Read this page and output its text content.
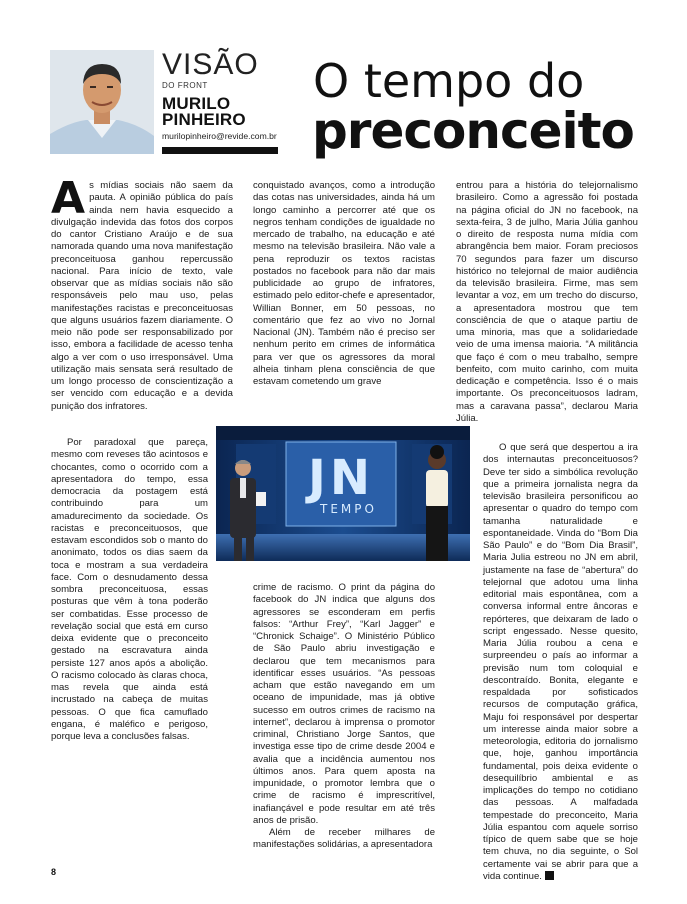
VISÃO
DO FRONT
MURILO
PINHEIRO
murilopinheiro@revide.com.br
O tempo do
preconceito

As mídias sociais não saem da pauta. A opinião pública do país ainda nem havia esquecido a divulgação indevida das fotos dos corpos do cantor Cristiano Araújo e de sua namorada quando uma nova manifestação preconceituosa ganhou repercussão nacional. Para início de texto, vale observar que as mídias sociais não são responsáveis pelo mau uso, pelas manifestações racistas e preconceituosas que alguns usuários fazem diariamente. O meio não pode ser responsabilizado por isso, embora a facilidade de acesso tenha algo a ver com o uso irresponsável. Uma utilização mais sensata será resultado de um longo processo de conscientização a ser vencido com educação e a devida punição dos infratores.

Por paradoxal que pareça, mesmo com reveses tão acintosos e chocantes, como o ocorrido com a apresentadora do tempo, essa democracia da postagem está contribuindo para um amadurecimento da sociedade. Os racistas e preconceituosos, que estavam escondidos sob o manto do anonimato, todos os dias saem da toca e mostram a sua verdadeira face. Com o desnudamento dessa sombra preconceituosa, essas posturas que vêm à tona poderão ser combatidas. Esse processo de revelação social que está em curso deixa evidente que o preconceito gestado na escravatura ainda persiste 127 anos após a abolição. O racismo colocado às claras choca, mas revela que ainda está incrustado na cabeça de muitas pessoas. O que fica camuflado engana, é maléfico e perigoso, porque leva a conclusões falsas.

conquistado avanços, como a introdução das cotas nas universidades, ainda há um longo caminho a percorrer até que os negros tenham condições de igualdade no mercado de trabalho, na educação e até mesmo na televisão brasileira. Não vale a pena reproduzir os textos racistas postados no facebook para não dar mais publicidade ao grupo de infratores, estimado pelo editor-chefe e apresentador, Willian Bonner, em 50 pessoas, no comentário que fez ao vivo no Jornal Nacional (JN). Também não é preciso ser nenhum perito em crimes de informática para ver que os agressores da moral alheia tinham plena consciência de que estavam cometendo um grave

JN
TEMPO

crime de racismo. O print da página do facebook do JN indica que alguns dos agressores se esconderam em perfis falsos: “Arthur Frey”, “Karl Jagger” e “Chronick Schaige”. O Ministério Público de São Paulo abriu investigação e declarou que tem mecanismos para identificar esses usuários. “As pessoas acham que estão navegando em um oceano de impunidade, mas já obtive sucesso em outros crimes de racismo na internet”, declarou à imprensa o promotor criminal, Christiano Jorge Santos, que investiga esse tipo de crime desde 2004 e avalia que a incidência aumentou nos últimos anos. Para quem aposta na impunidade, o promotor lembra que o crime de racismo é imprescritível, inafiançável e pode resultar em até três anos de prisão.

Além de receber milhares de manifestações solidárias, a apresentadora

entrou para a história do telejornalismo brasileiro. Como a agressão foi postada na página oficial do JN no facebook, na sexta-feira, 3 de julho, Maria Júlia ganhou o direito de resposta numa mídia com abrangência bem maior. Foram preciosos 70 segundos para fazer um discurso histórico no telejornal de maior audiência da televisão brasileira. Firme, mas sem levantar a voz, em um trecho do discurso, a apresentadora mostrou que tem consciência de que o ataque partiu de uma minoria, mas que a solidariedade veio de uma imensa maioria. “A militância que faço é com o meu trabalho, sempre benfeito, com muito carinho, com muita dedicação e competência. Isso é o mais importante. Os preconceituosos ladram, mas a caravana passa”, declarou Maria Júlia.

O que será que despertou a ira dos internautas preconceituosos? Deve ter sido a simbólica revolução que a primeira jornalista negra da televisão brasileira personificou ao apresentar o quadro do tempo com tamanha naturalidade e espontaneidade. Vinda do “Bom Dia São Paulo” e do “Bom Dia Brasil”, Maria Julia estreou no JN em abril, justamente na fase de “abertura” do telejornal que adotou uma linha editorial mais espontânea, com a conversa informal entre âncoras e repórteres, que deixaram de lado o script engessado. Nesse quesito, Maria Júlia roubou a cena e surpreendeu o país ao informar a previsão num tom coloquial e descontraído. Bonita, elegante e respaldada por sofisticados recursos de computação gráfica, Maju foi responsável por despertar um interesse ainda maior sobre a meteorologia, editoria do jornalismo que, hoje, ganhou importância fundamental, pois deixa evidente o desequilíbrio ambiental e as implicações do tempo no cotidiano das pessoas. A malfadada tempestade do preconceito, Maria Júlia espantou com aquele sorriso típico de quem sabe que se hoje tem chuva, no dia seguinte, o Sol certamente vai se abrir para que a vida continue.

8
